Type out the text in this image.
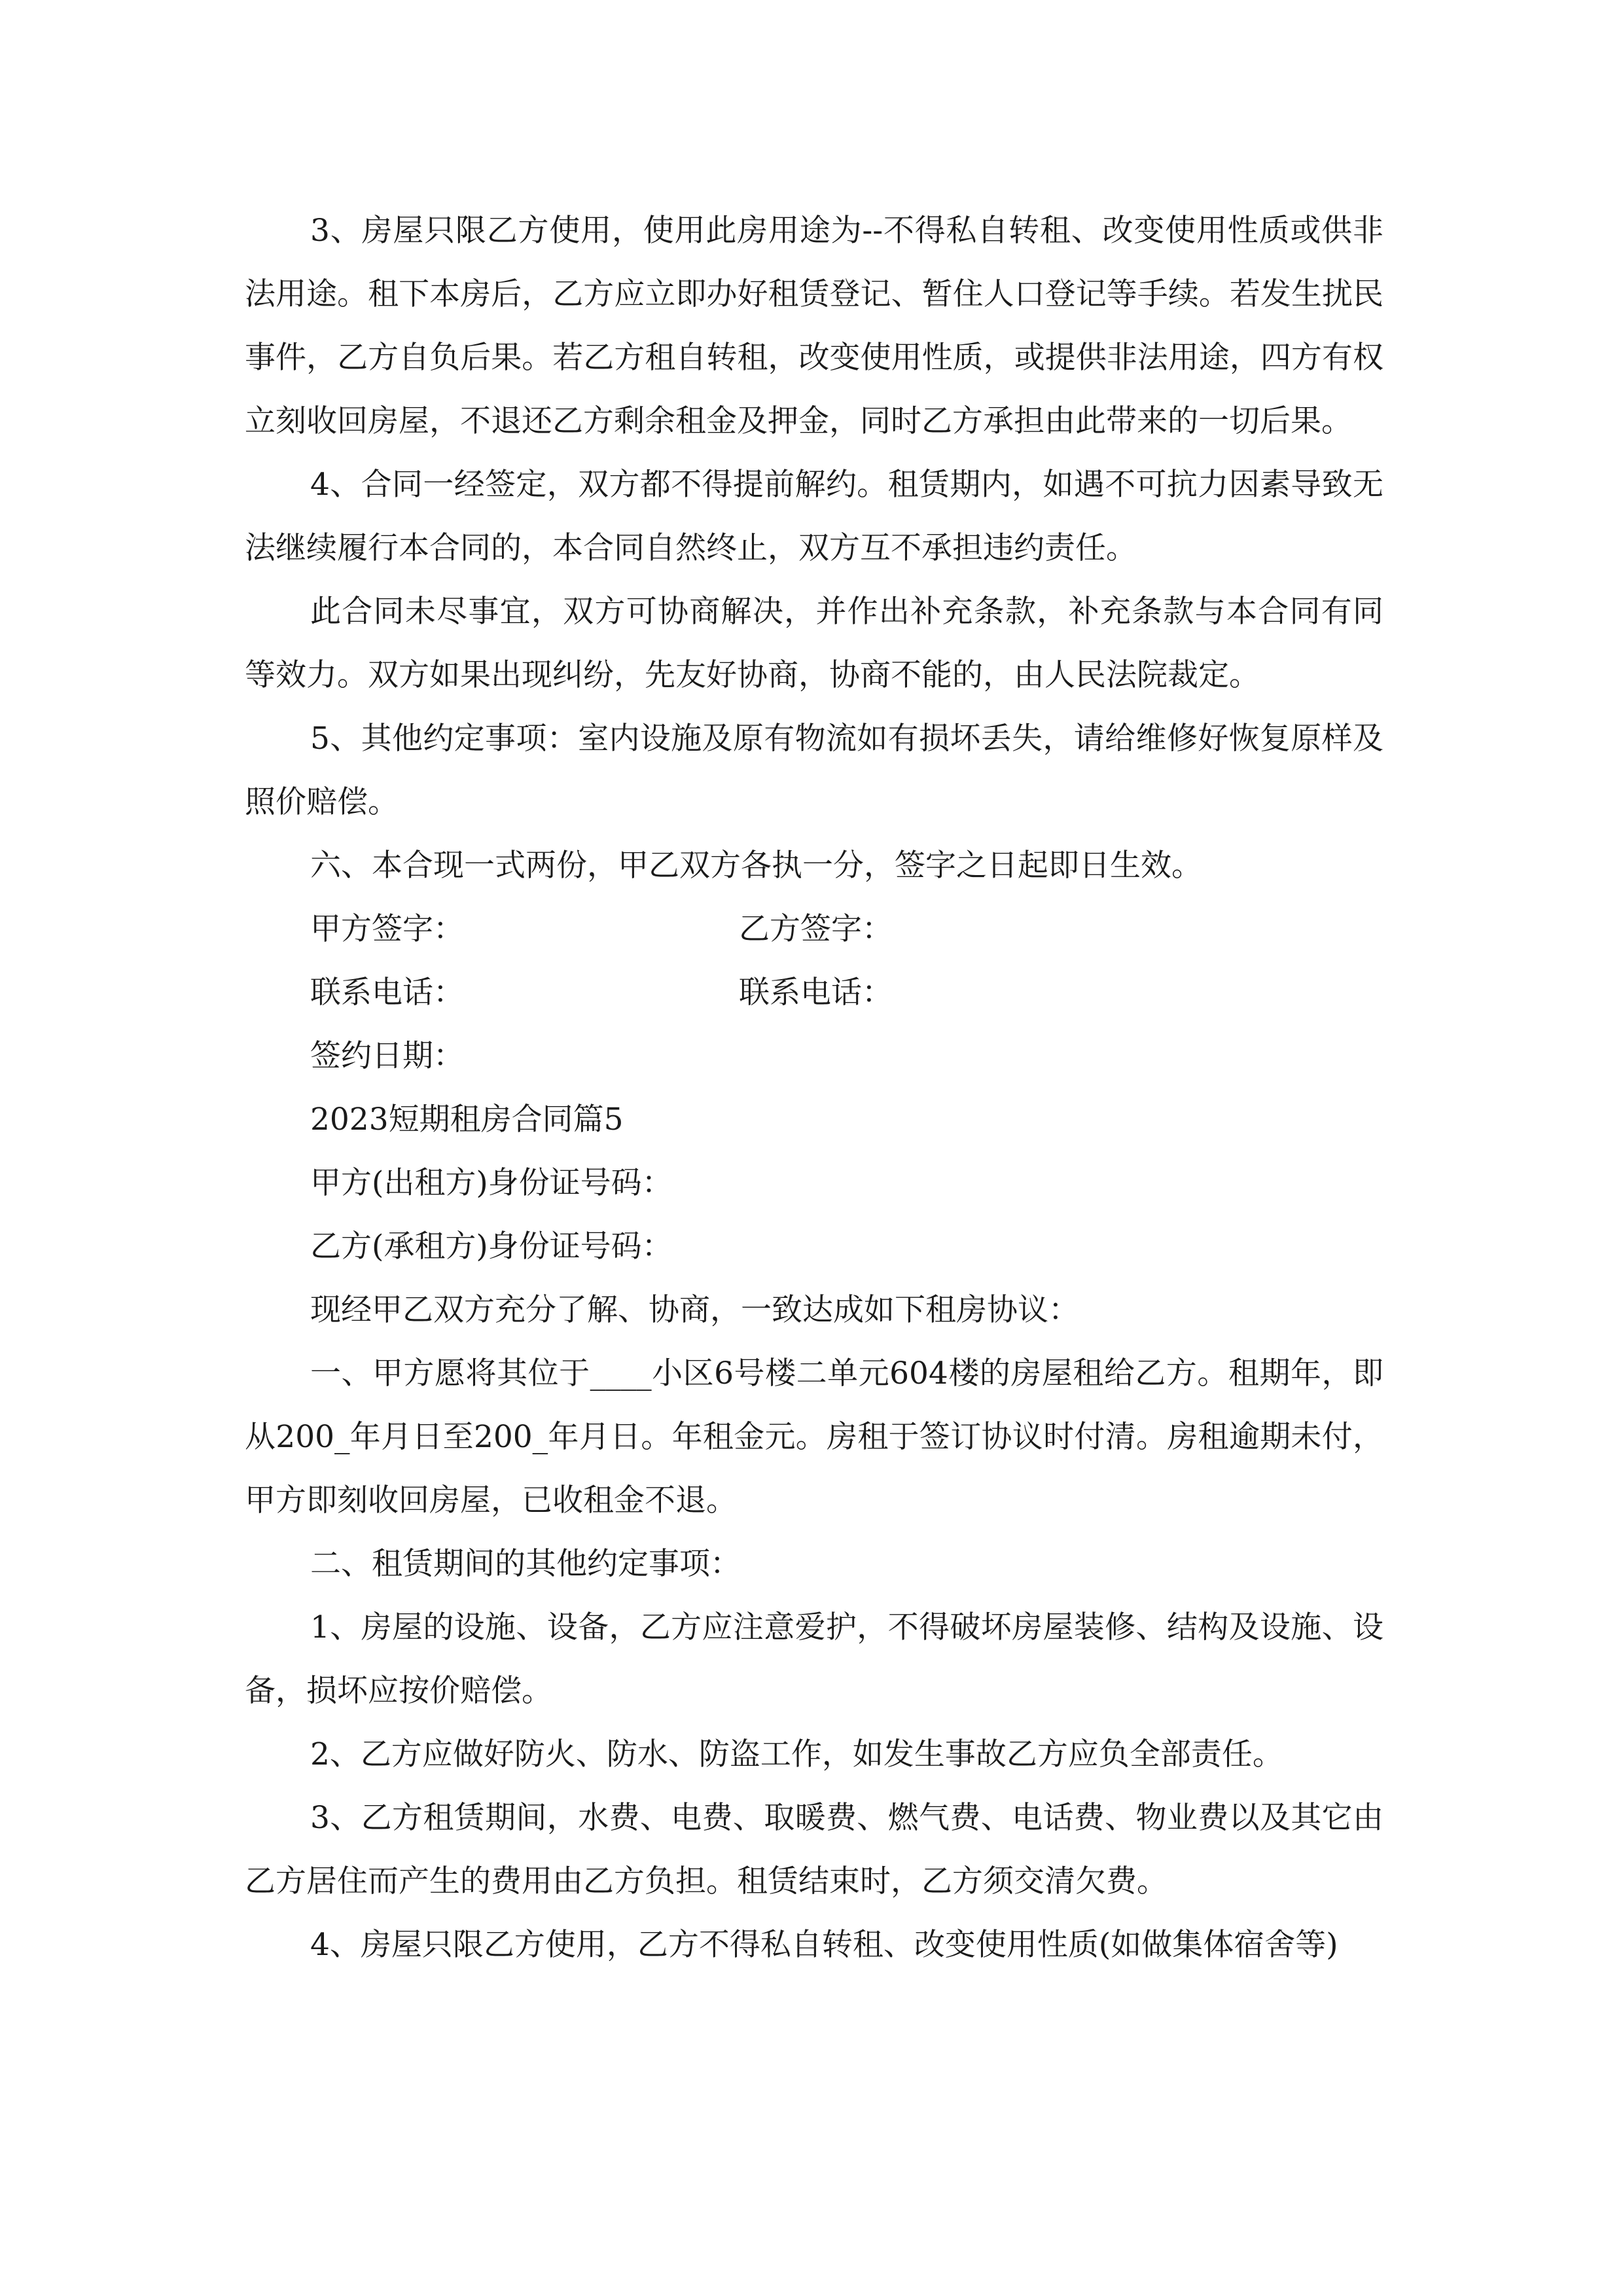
3、房屋只限乙方使用，使用此房用途为--不得私自转租、改变使用性质或供非法用途。租下本房后，乙方应立即办好租赁登记、暂住人口登记等手续。若发生扰民事件，乙方自负后果。若乙方租自转租，改变使用性质，或提供非法用途，四方有权立刻收回房屋，不退还乙方剩余租金及押金，同时乙方承担由此带来的一切后果。

4、合同一经签定，双方都不得提前解约。租赁期内，如遇不可抗力因素导致无法继续履行本合同的，本合同自然终止，双方互不承担违约责任。

此合同未尽事宜，双方可协商解决，并作出补充条款，补充条款与本合同有同等效力。双方如果出现纠纷，先友好协商，协商不能的，由人民法院裁定。

5、其他约定事项：室内设施及原有物流如有损坏丢失，请给维修好恢复原样及照价赔偿。

六、本合现一式两份，甲乙双方各执一分，签字之日起即日生效。

甲方签字：	乙方签字：
联系电话：	联系电话：
签约日期：

2023短期租房合同篇5

甲方(出租方)身份证号码：

乙方(承租方)身份证号码：

现经甲乙双方充分了解、协商，一致达成如下租房协议：

一、甲方愿将其位于____小区6号楼二单元604楼的房屋租给乙方。租期年，即从200_年月日至200_年月日。年租金元。房租于签订协议时付清。房租逾期未付，甲方即刻收回房屋，已收租金不退。

二、租赁期间的其他约定事项：

1、房屋的设施、设备，乙方应注意爱护，不得破坏房屋装修、结构及设施、设备，损坏应按价赔偿。

2、乙方应做好防火、防水、防盗工作，如发生事故乙方应负全部责任。

3、乙方租赁期间，水费、电费、取暖费、燃气费、电话费、物业费以及其它由乙方居住而产生的费用由乙方负担。租赁结束时，乙方须交清欠费。

4、房屋只限乙方使用，乙方不得私自转租、改变使用性质(如做集体宿舍等)
